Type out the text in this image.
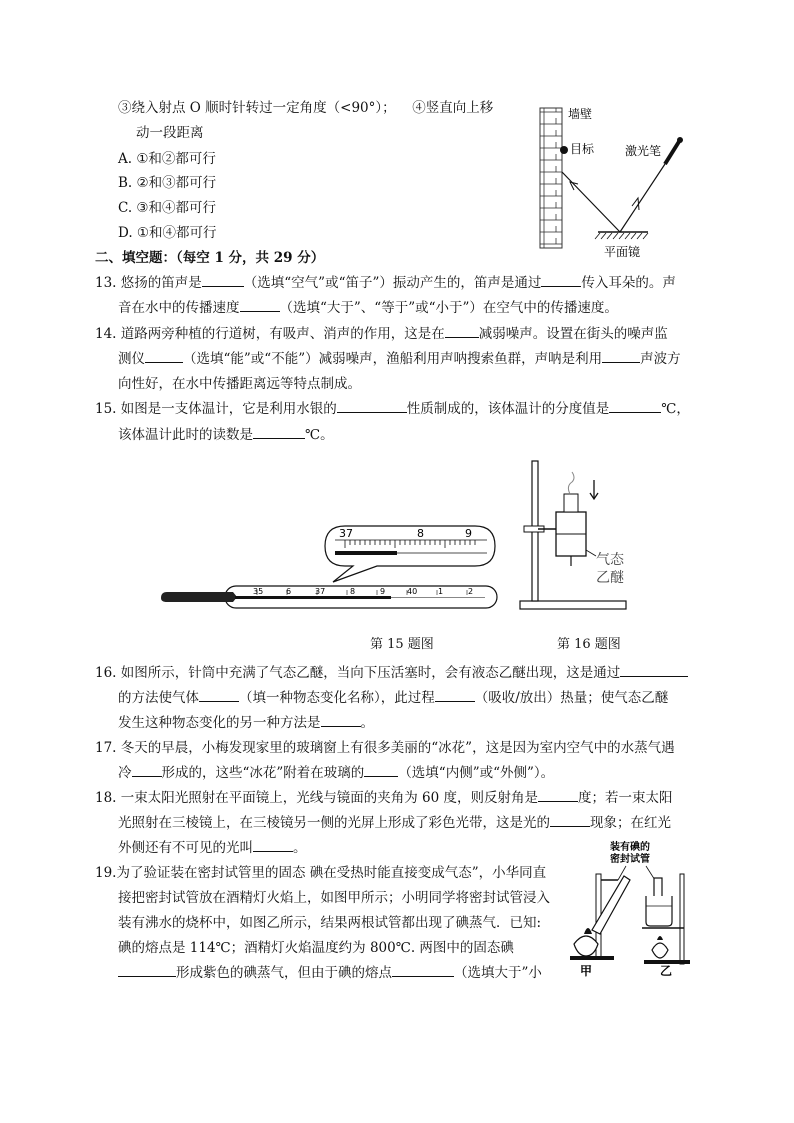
③绕入射点 O 顺时针转过一定角度（<90°）； ④竖直向上移
动一段距离
A. ①和②都可行
B. ②和③都可行
C. ③和④都可行
D. ①和④都可行
墙壁
目标	激光笔
平面镜
二、填空题：（每空 1 分，共 29 分）
13. 悠扬的笛声是	（选填“空气”或“笛子”）振动产生的，笛声是通过	传入耳朵的。声
音在水中的传播速度	（选填“大于”、“等于”或“小于”）在空气中的传播速度。
14. 道路两旁种植的行道树，有吸声、消声的作用，这是在	减弱噪声。设置在街头的噪声监
测仪	（选填“能”或“不能”）减弱噪声，渔船利用声呐搜索鱼群，声呐是利用	声波方
向性好，在水中传播距离远等特点制成。
15. 如图是一支体温计，它是利用水银的	性质制成的，该体温计的分度值是	℃，
该体温计此时的读数是	℃。
37	8	9
35	6	37	8	9	40	1	2
气态
乙醚
第 15 题图	第 16 题图
16. 如图所示，针筒中充满了气态乙醚，当向下压活塞时，会有液态乙醚出现，这是通过
的方法使气体	（填一种物态变化名称），此过程	（吸收/放出）热量；使气态乙醚
发生这种物态变化的另一种方法是	。
17. 冬天的早晨，小梅发现家里的玻璃窗上有很多美丽的“冰花”，这是因为室内空气中的水蒸气遇
冷 形成的，这些“冰花”附着在玻璃的	（选填“内侧”或“外侧”）。
18. 一束太阳光照射在平面镜上，光线与镜面的夹角为 60 度，则反射角是	度；若一束太阳
光照射在三棱镜上，在三棱镜另一侧的光屏上形成了彩色光带，这是光的	现象；在红光
外侧还有不可见的光叫	。
19.为了验证装在密封试管里的固态 碘在受热时能直接变成气态”，小华同直
接把密封试管放在酒精灯火焰上，如图甲所示；小明同学将密封试管浸入
装有沸水的烧杯中，如图乙所示，结果两根试管都出现了碘蒸气．已知:
碘的熔点是 114℃；酒精灯火焰温度约为 800℃. 两图中的固态碘
形成紫色的碘蒸气，但由于碘的熔点	（选填大于”小
装有碘的
密封试管
甲	乙
